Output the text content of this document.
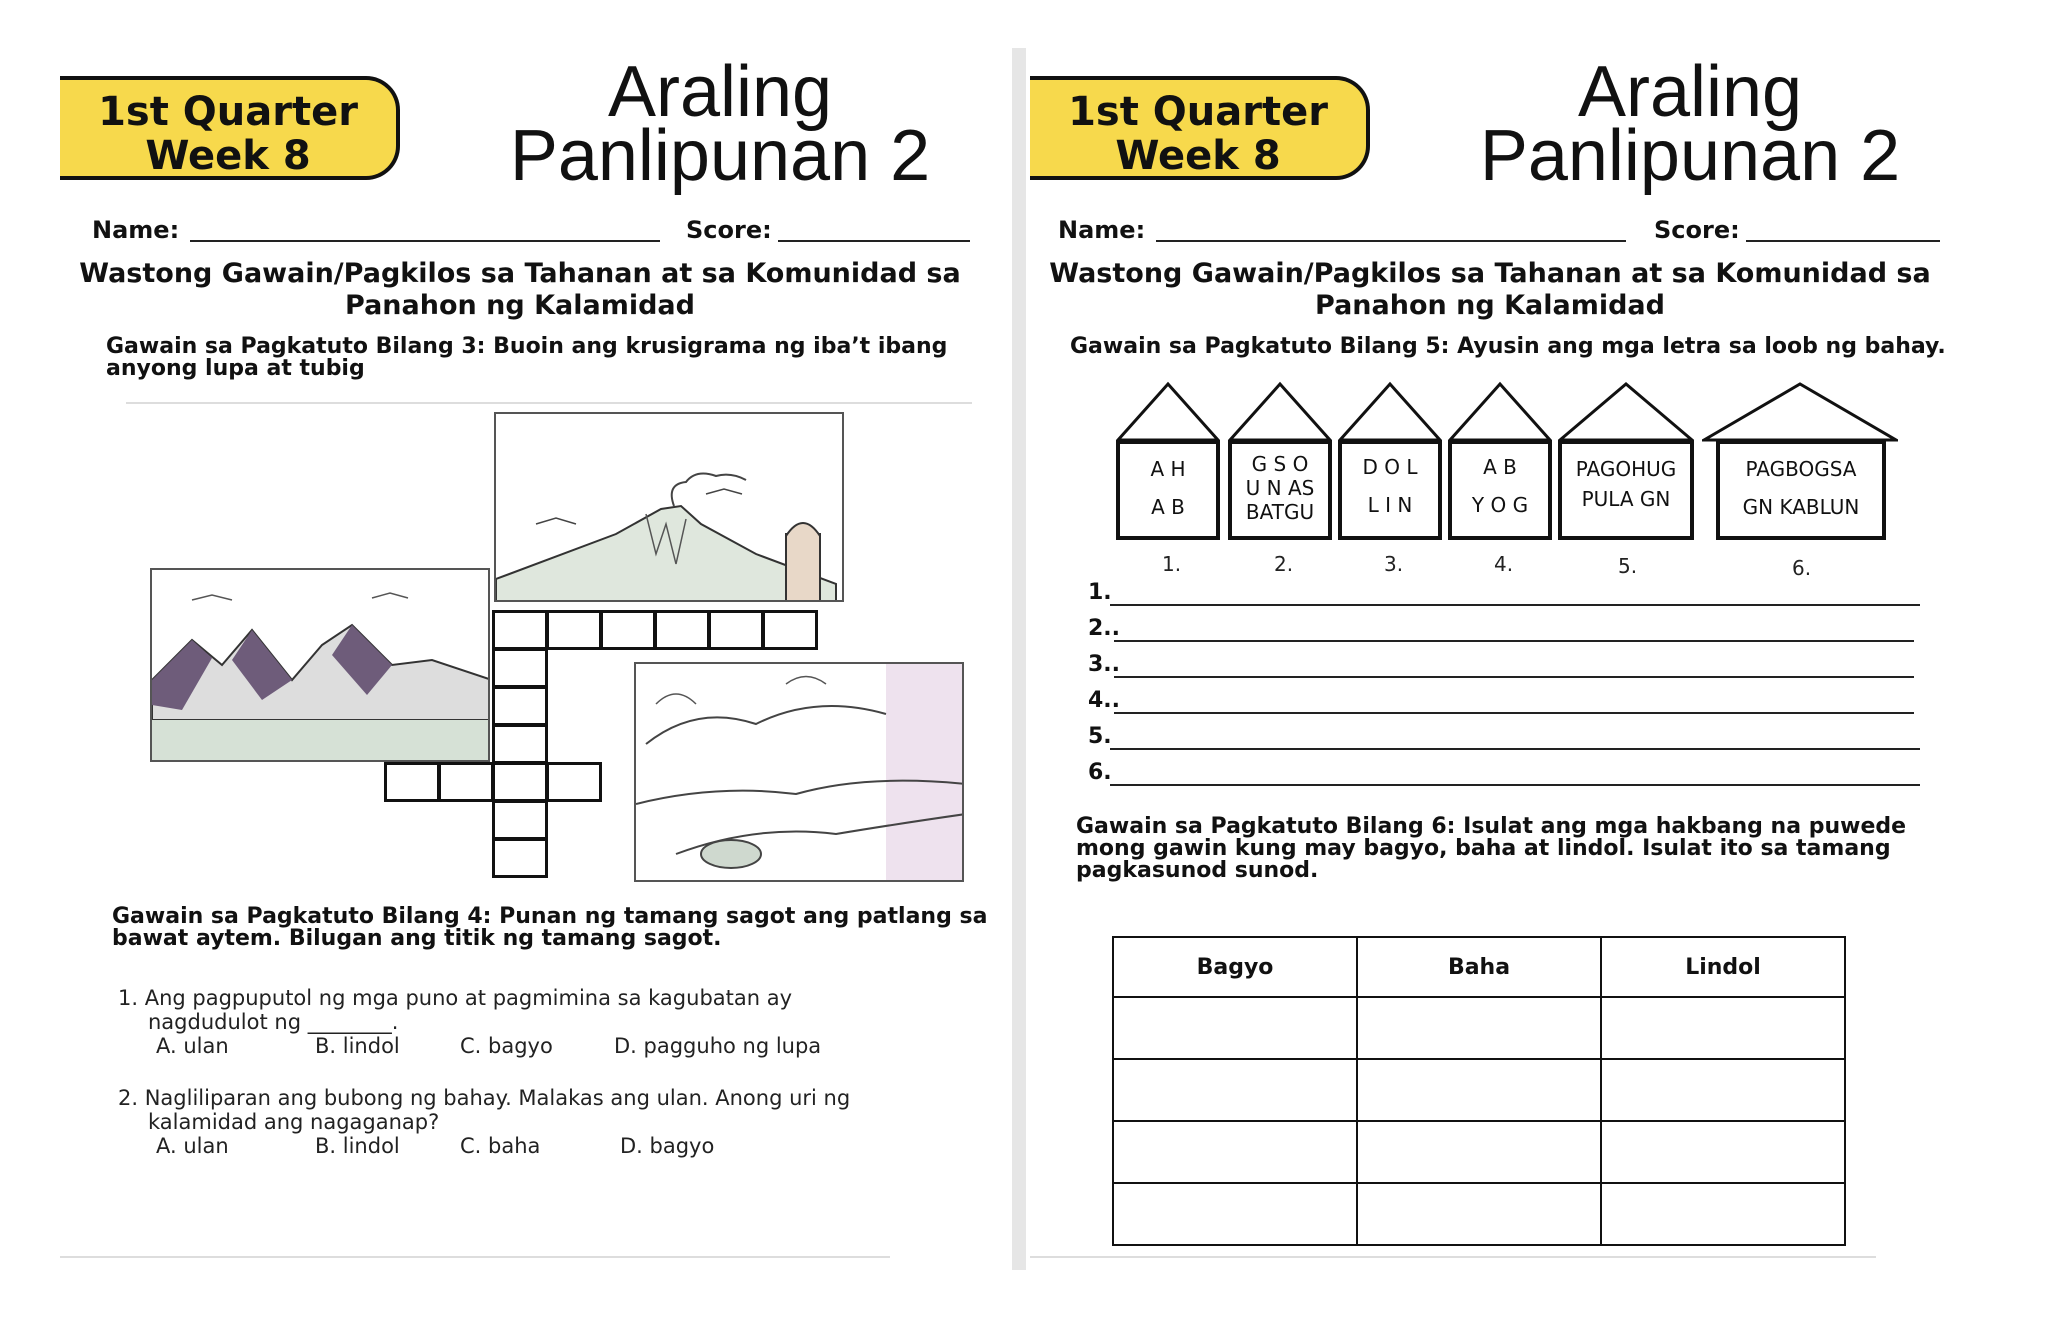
1st Quarter
Week 8
Araling
Panlipunan 2
Name:	Score:
Wastong Gawain/Pagkilos sa Tahanan at sa Komunidad sa
Panahon ng Kalamidad
Gawain sa Pagkatuto Bilang 3: Buoin ang krusigrama ng iba’t ibang
anyong lupa at tubig
Gawain sa Pagkatuto Bilang 4: Punan ng tamang sagot ang patlang sa
bawat aytem. Bilugan ang titik ng tamang sagot.
1. Ang pagpuputol ng mga puno at pagmimina sa kagubatan ay
nagdudulot ng ________.
A. ulan	B. lindol	C. bagyo	D. pagguho ng lupa
2. Nagliliparan ang bubong ng bahay. Malakas ang ulan. Anong uri ng
kalamidad ang nagaganap?
A. ulan	B. lindol	C. baha	D. bagyo
1st Quarter
Week 8
Araling
Panlipunan 2
Name:	Score:
Wastong Gawain/Pagkilos sa Tahanan at sa Komunidad sa
Panahon ng Kalamidad
Gawain sa Pagkatuto Bilang 5: Ayusin ang mga letra sa loob ng bahay.
A H
A B
G S O
U N AS
BATGU
D O L
L I N
A B
Y O G
PAGOHUG
PULA GN
PAGBOGSA
GN KABLUN
1.	2.	3.	4.	5.	6.
1.
2..
3..
4..
5.
6.
Gawain sa Pagkatuto Bilang 6: Isulat ang mga hakbang na puwede
mong gawin kung may bagyo, baha at lindol. Isulat ito sa tamang
pagkasunod sunod.
Bagyo	Baha	Lindol
